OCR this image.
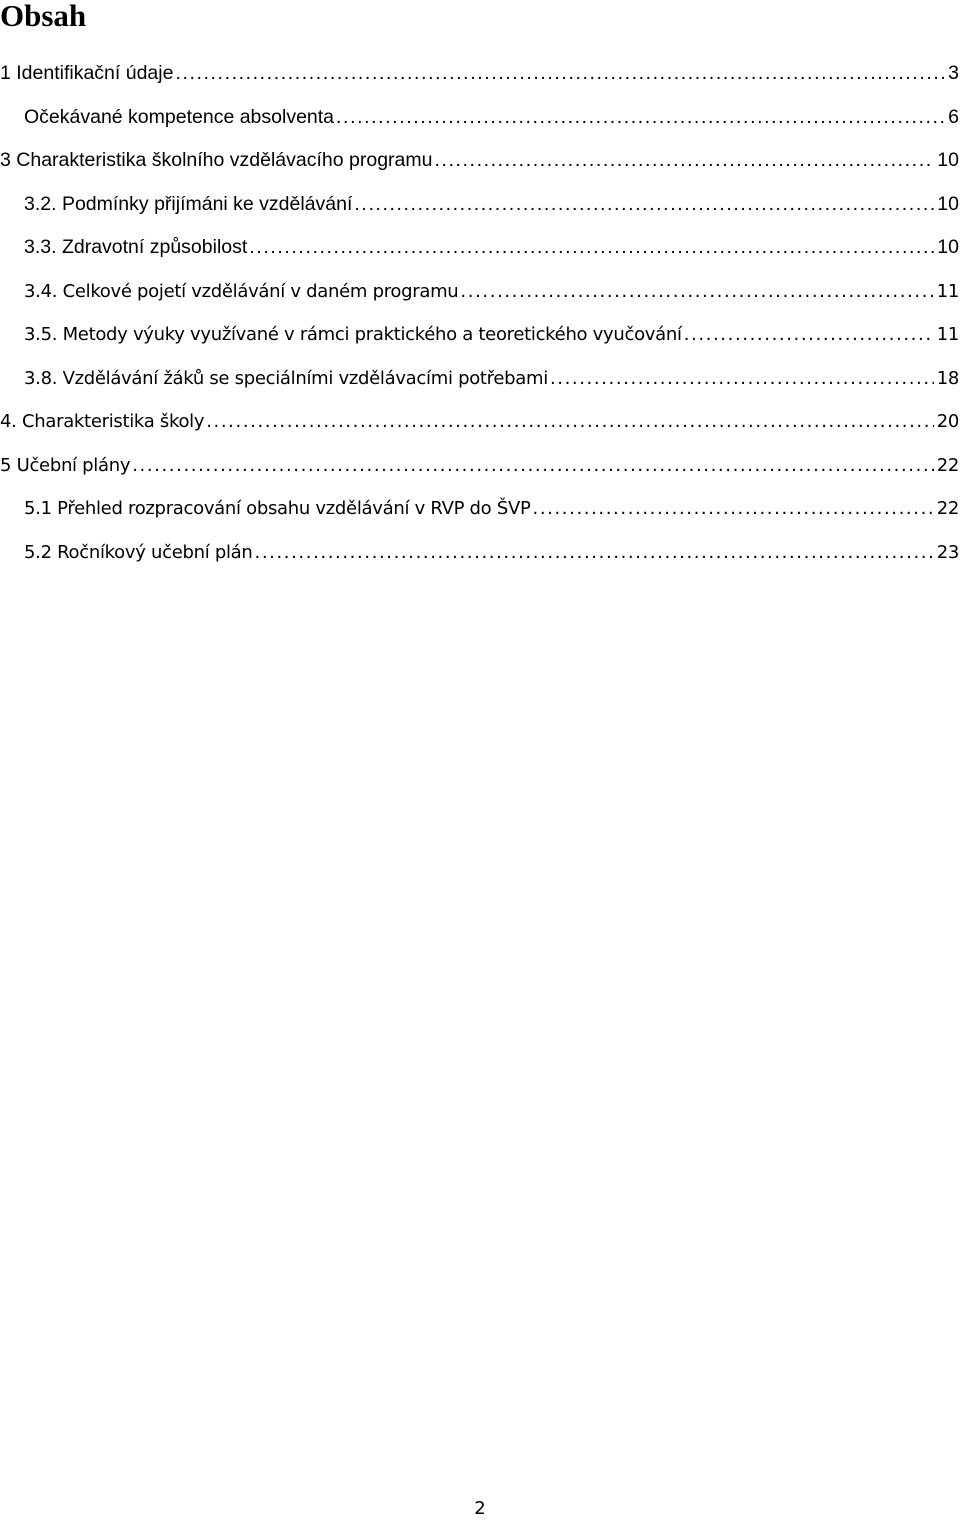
Obsah
1 Identifikační údaje .....	3
Očekávané kompetence absolventa .....	6
3 Charakteristika školního vzdělávacího programu .....	10
3.2. Podmínky přijímáni ke vzdělávání .....	10
3.3. Zdravotní způsobilost .....	10
3.4. Celkové pojetí vzdělávání v daném programu .....	11
3.5. Metody výuky využívané v rámci praktického a teoretického vyučování .....	11
3.8. Vzdělávání žáků se speciálními vzdělávacími potřebami .....	18
4. Charakteristika školy .....	20
5 Učební plány .....	22
5.1 Přehled rozpracování obsahu vzdělávání v RVP do ŠVP .....	22
5.2 Ročníkový učební plán .....	23
2
